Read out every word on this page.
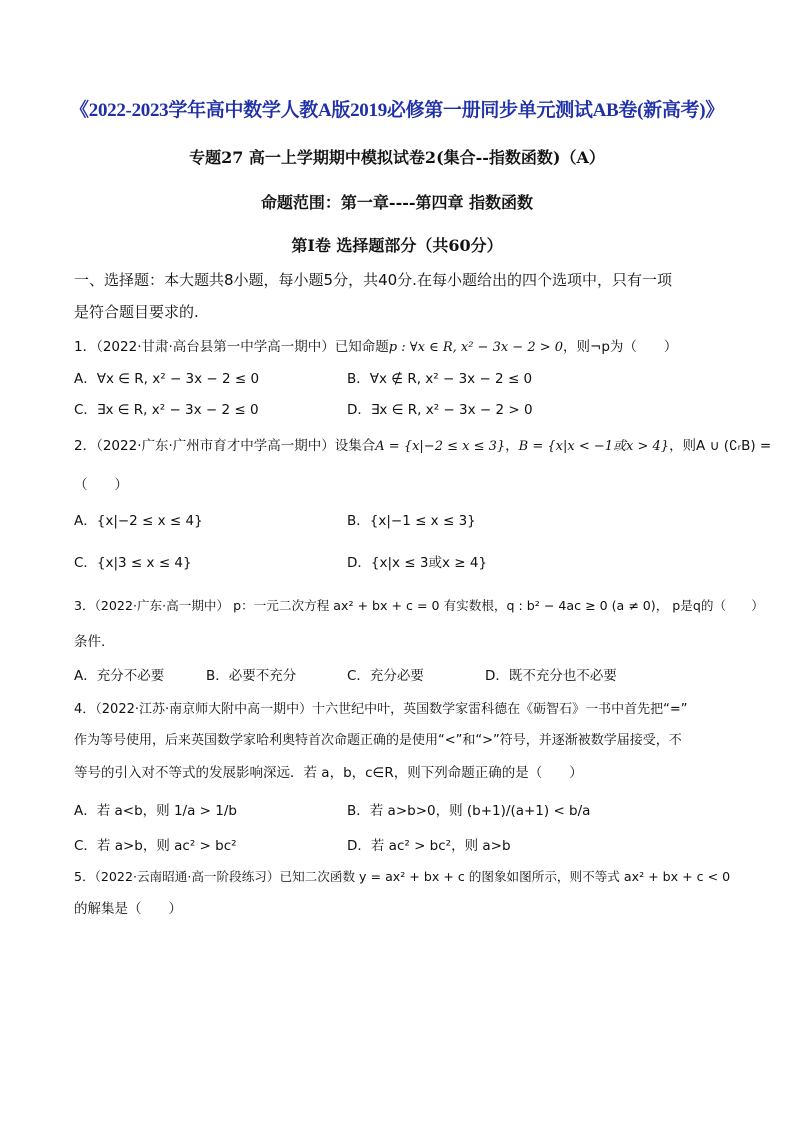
《2022-2023学年高中数学人教A版2019必修第一册同步单元测试AB卷(新高考)》
专题27 高一上学期期中模拟试卷2(集合--指数函数)（A）
命题范围：第一章----第四章 指数函数
第Ⅰ卷 选择题部分（共60分）
一、选择题：本大题共8小题，每小题5分，共40分.在每小题给出的四个选项中，只有一项
是符合题目要求的.
1．（2022·甘肃·高台县第一中学高一期中）已知命题p : ∀x ∈ R, x² − 3x − 2 > 0，则¬p为（　　）
A．∀x ∈ R, x² − 3x − 2 ≤ 0	B．∀x ∉ R, x² − 3x − 2 ≤ 0
C．∃x ∈ R, x² − 3x − 2 ≤ 0	D．∃x ∈ R, x² − 3x − 2 > 0
2．（2022·广东·广州市育才中学高一期中）设集合A = {x|−2 ≤ x ≤ 3}，B = {x|x < −1或x > 4}，则A ∪ (∁ᵣB) =
（　　）
A．{x|−2 ≤ x ≤ 4}	B．{x|−1 ≤ x ≤ 3}
C．{x|3 ≤ x ≤ 4}	D．{x|x ≤ 3或x ≥ 4}
3．（2022·广东·高一期中） p：一元二次方程 ax² + bx + c = 0 有实数根，q : b² − 4ac ≥ 0 (a ≠ 0)， p是q的（　　）
条件.
A．充分不必要	B．必要不充分	C．充分必要	D．既不充分也不必要
4．（2022·江苏·南京师大附中高一期中）十六世纪中叶，英国数学家雷科德在《砺智石》一书中首先把“=”
作为等号使用，后来英国数学家哈利奥特首次命题正确的是使用“<”和“>”符号，并逐渐被数学届接受，不
等号的引入对不等式的发展影响深远．若 a，b，c∈R，则下列命题正确的是（　　）
A．若 a<b，则 1/a > 1/b	B．若 a>b>0，则 (b+1)/(a+1) < b/a
C．若 a>b，则 ac² > bc²	D．若 ac² > bc²，则 a>b
5．（2022·云南昭通·高一阶段练习）已知二次函数 y = ax² + bx + c 的图象如图所示，则不等式 ax² + bx + c < 0
的解集是（　　）
